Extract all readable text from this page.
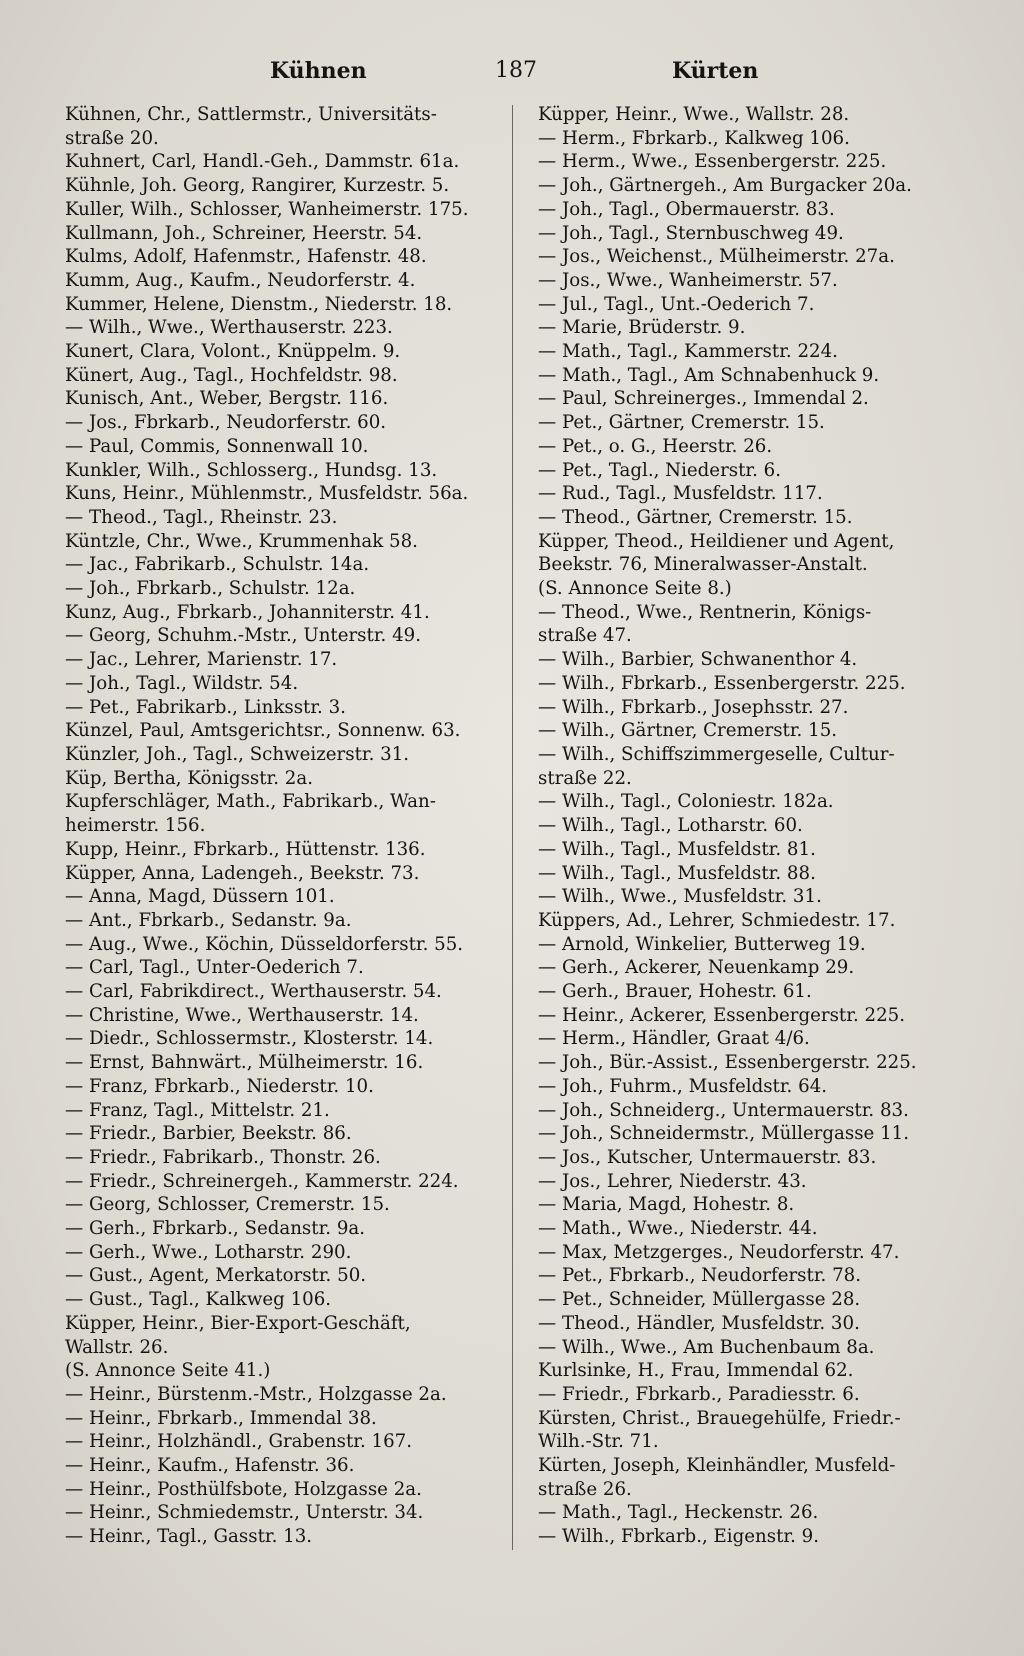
Kühnen	187	Kürten
Kühnen, Chr., Sattlermstr., Universitäts-
straße 20.
Kuhnert, Carl, Handl.-Geh., Dammstr. 61a.
Kühnle, Joh. Georg, Rangirer, Kurzestr. 5.
Kuller, Wilh., Schlosser, Wanheimerstr. 175.
Kullmann, Joh., Schreiner, Heerstr. 54.
Kulms, Adolf, Hafenmstr., Hafenstr. 48.
Kumm, Aug., Kaufm., Neudorferstr. 4.
Kummer, Helene, Dienstm., Niederstr. 18.
— Wilh., Wwe., Werthauserstr. 223.
Kunert, Clara, Volont., Knüppelm. 9.
Künert, Aug., Tagl., Hochfeldstr. 98.
Kunisch, Ant., Weber, Bergstr. 116.
— Jos., Fbrkarb., Neudorferstr. 60.
— Paul, Commis, Sonnenwall 10.
Kunkler, Wilh., Schlosserg., Hundsg. 13.
Kuns, Heinr., Mühlenmstr., Musfeldstr. 56a.
— Theod., Tagl., Rheinstr. 23.
Küntzle, Chr., Wwe., Krummenhak 58.
— Jac., Fabrikarb., Schulstr. 14a.
— Joh., Fbrkarb., Schulstr. 12a.
Kunz, Aug., Fbrkarb., Johanniterstr. 41.
— Georg, Schuhm.-Mstr., Unterstr. 49.
— Jac., Lehrer, Marienstr. 17.
— Joh., Tagl., Wildstr. 54.
— Pet., Fabrikarb., Linksstr. 3.
Künzel, Paul, Amtsgerichtsr., Sonnenw. 63.
Künzler, Joh., Tagl., Schweizerstr. 31.
Küp, Bertha, Königsstr. 2a.
Kupferschläger, Math., Fabrikarb., Wan-
heimerstr. 156.
Kupp, Heinr., Fbrkarb., Hüttenstr. 136.
Küpper, Anna, Ladengeh., Beekstr. 73.
— Anna, Magd, Düssern 101.
— Ant., Fbrkarb., Sedanstr. 9a.
— Aug., Wwe., Köchin, Düsseldorferstr. 55.
— Carl, Tagl., Unter-Oederich 7.
— Carl, Fabrikdirect., Werthauserstr. 54.
— Christine, Wwe., Werthauserstr. 14.
— Diedr., Schlossermstr., Klosterstr. 14.
— Ernst, Bahnwärt., Mülheimerstr. 16.
— Franz, Fbrkarb., Niederstr. 10.
— Franz, Tagl., Mittelstr. 21.
— Friedr., Barbier, Beekstr. 86.
— Friedr., Fabrikarb., Thonstr. 26.
— Friedr., Schreinergeh., Kammerstr. 224.
— Georg, Schlosser, Cremerstr. 15.
— Gerh., Fbrkarb., Sedanstr. 9a.
— Gerh., Wwe., Lotharstr. 290.
— Gust., Agent, Merkatorstr. 50.
— Gust., Tagl., Kalkweg 106.
Küpper, Heinr., Bier-Export-Geschäft,
Wallstr. 26.
(S. Annonce Seite 41.)
— Heinr., Bürstenm.-Mstr., Holzgasse 2a.
— Heinr., Fbrkarb., Immendal 38.
— Heinr., Holzhändl., Grabenstr. 167.
— Heinr., Kaufm., Hafenstr. 36.
— Heinr., Posthülfsbote, Holzgasse 2a.
— Heinr., Schmiedemstr., Unterstr. 34.
— Heinr., Tagl., Gasstr. 13.
Küpper, Heinr., Wwe., Wallstr. 28.
— Herm., Fbrkarb., Kalkweg 106.
— Herm., Wwe., Essenbergerstr. 225.
— Joh., Gärtnergeh., Am Burgacker 20a.
— Joh., Tagl., Obermauerstr. 83.
— Joh., Tagl., Sternbuschweg 49.
— Jos., Weichenst., Mülheimerstr. 27a.
— Jos., Wwe., Wanheimerstr. 57.
— Jul., Tagl., Unt.-Oederich 7.
— Marie, Brüderstr. 9.
— Math., Tagl., Kammerstr. 224.
— Math., Tagl., Am Schnabenhuck 9.
— Paul, Schreinerges., Immendal 2.
— Pet., Gärtner, Cremerstr. 15.
— Pet., o. G., Heerstr. 26.
— Pet., Tagl., Niederstr. 6.
— Rud., Tagl., Musfeldstr. 117.
— Theod., Gärtner, Cremerstr. 15.
Küpper, Theod., Heildiener und Agent,
Beekstr. 76, Mineralwasser-Anstalt.
(S. Annonce Seite 8.)
— Theod., Wwe., Rentnerin, Königs-
straße 47.
— Wilh., Barbier, Schwanenthor 4.
— Wilh., Fbrkarb., Essenbergerstr. 225.
— Wilh., Fbrkarb., Josephsstr. 27.
— Wilh., Gärtner, Cremerstr. 15.
— Wilh., Schiffszimmergeselle, Cultur-
straße 22.
— Wilh., Tagl., Coloniestr. 182a.
— Wilh., Tagl., Lotharstr. 60.
— Wilh., Tagl., Musfeldstr. 81.
— Wilh., Tagl., Musfeldstr. 88.
— Wilh., Wwe., Musfeldstr. 31.
Küppers, Ad., Lehrer, Schmiedestr. 17.
— Arnold, Winkelier, Butterweg 19.
— Gerh., Ackerer, Neuenkamp 29.
— Gerh., Brauer, Hohestr. 61.
— Heinr., Ackerer, Essenbergerstr. 225.
— Herm., Händler, Graat 4/6.
— Joh., Bür.-Assist., Essenbergerstr. 225.
— Joh., Fuhrm., Musfeldstr. 64.
— Joh., Schneiderg., Untermauerstr. 83.
— Joh., Schneidermstr., Müllergasse 11.
— Jos., Kutscher, Untermauerstr. 83.
— Jos., Lehrer, Niederstr. 43.
— Maria, Magd, Hohestr. 8.
— Math., Wwe., Niederstr. 44.
— Max, Metzgerges., Neudorferstr. 47.
— Pet., Fbrkarb., Neudorferstr. 78.
— Pet., Schneider, Müllergasse 28.
— Theod., Händler, Musfeldstr. 30.
— Wilh., Wwe., Am Buchenbaum 8a.
Kurlsinke, H., Frau, Immendal 62.
— Friedr., Fbrkarb., Paradiesstr. 6.
Kürsten, Christ., Brauegehülfe, Friedr.-
Wilh.-Str. 71.
Kürten, Joseph, Kleinhändler, Musfeld-
straße 26.
— Math., Tagl., Heckenstr. 26.
— Wilh., Fbrkarb., Eigenstr. 9.
